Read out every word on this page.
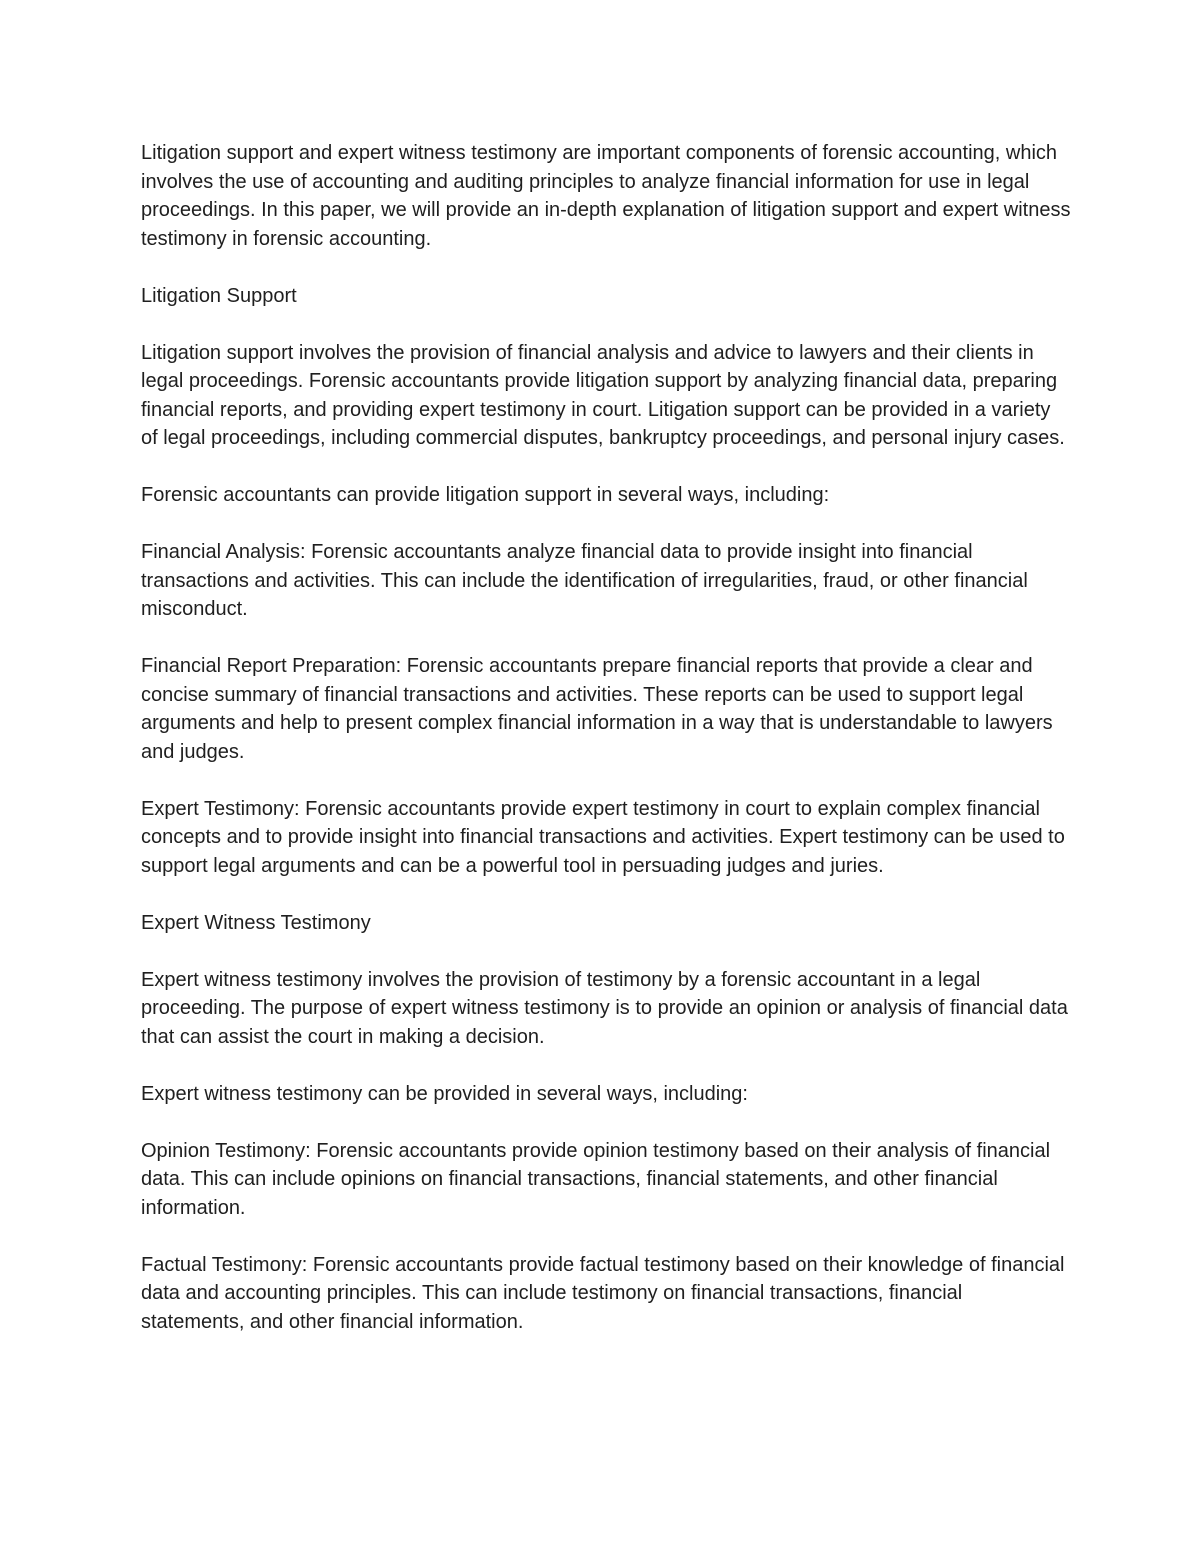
Litigation support and expert witness testimony are important components of forensic accounting, which involves the use of accounting and auditing principles to analyze financial information for use in legal proceedings. In this paper, we will provide an in-depth explanation of litigation support and expert witness testimony in forensic accounting.

Litigation Support

Litigation support involves the provision of financial analysis and advice to lawyers and their clients in legal proceedings. Forensic accountants provide litigation support by analyzing financial data, preparing financial reports, and providing expert testimony in court. Litigation support can be provided in a variety of legal proceedings, including commercial disputes, bankruptcy proceedings, and personal injury cases.

Forensic accountants can provide litigation support in several ways, including:

Financial Analysis: Forensic accountants analyze financial data to provide insight into financial transactions and activities. This can include the identification of irregularities, fraud, or other financial misconduct.

Financial Report Preparation: Forensic accountants prepare financial reports that provide a clear and concise summary of financial transactions and activities. These reports can be used to support legal arguments and help to present complex financial information in a way that is understandable to lawyers and judges.

Expert Testimony: Forensic accountants provide expert testimony in court to explain complex financial concepts and to provide insight into financial transactions and activities. Expert testimony can be used to support legal arguments and can be a powerful tool in persuading judges and juries.

Expert Witness Testimony

Expert witness testimony involves the provision of testimony by a forensic accountant in a legal proceeding. The purpose of expert witness testimony is to provide an opinion or analysis of financial data that can assist the court in making a decision.

Expert witness testimony can be provided in several ways, including:

Opinion Testimony: Forensic accountants provide opinion testimony based on their analysis of financial data. This can include opinions on financial transactions, financial statements, and other financial information.

Factual Testimony: Forensic accountants provide factual testimony based on their knowledge of financial data and accounting principles. This can include testimony on financial transactions, financial statements, and other financial information.
